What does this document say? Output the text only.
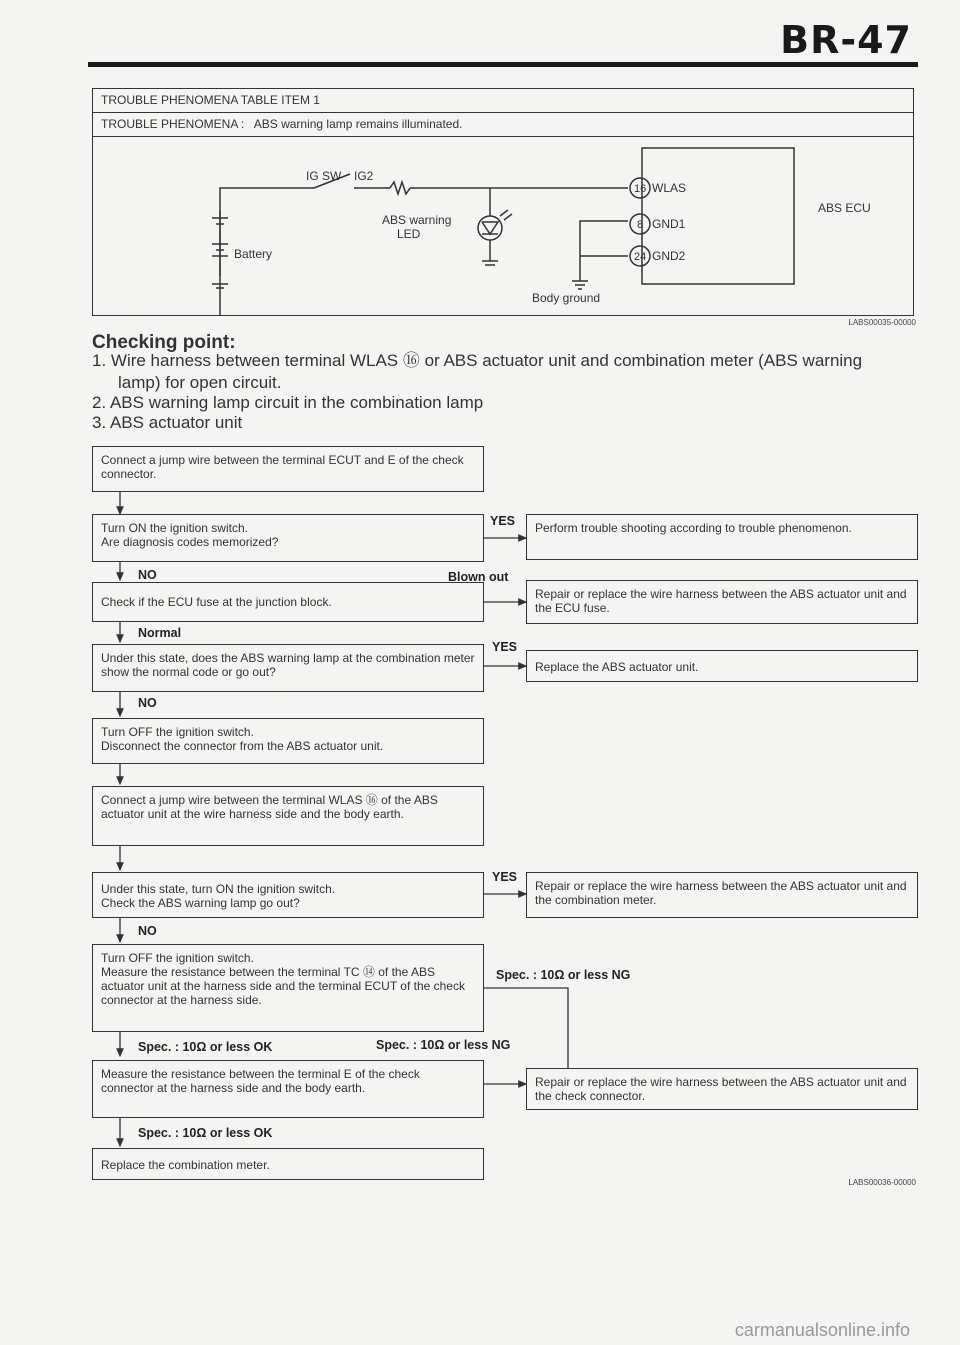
BR-47
TROUBLE PHENOMENA TABLE ITEM 1
TROUBLE PHENOMENA : ABS warning lamp remains illuminated.
IG SW IG2
ABS warning
LED
Battery
16 WLAS
8 GND1
24 GND2
ABS ECU
Body ground
LABS00035-00000
Checking point:
1. Wire harness between terminal WLAS ⑯ or ABS actuator unit and combination meter (ABS warning
lamp) for open circuit.
2. ABS warning lamp circuit in the combination lamp
3. ABS actuator unit
Connect a jump wire between the terminal ECUT and E of the check connector.
Turn ON the ignition switch.
Are diagnosis codes memorized?
YES	Perform trouble shooting according to trouble phenomenon.
NO
Check if the ECU fuse at the junction block.
Blown out
Repair or replace the wire harness between the ABS actuator unit and the ECU fuse.
Normal
Under this state, does the ABS warning lamp at the combination meter show the normal code or go out?
YES
Replace the ABS actuator unit.
NO
Turn OFF the ignition switch.
Disconnect the connector from the ABS actuator unit.
Connect a jump wire between the terminal WLAS ⑯ of the ABS actuator unit at the wire harness side and the body earth.
Under this state, turn ON the ignition switch.
Check the ABS warning lamp go out?
YES
Repair or replace the wire harness between the ABS actuator unit and the combination meter.
NO
Turn OFF the ignition switch.
Measure the resistance between the terminal TC ⑭ of the ABS actuator unit at the harness side and the terminal ECUT of the check connector at the harness side.
Spec. : 10Ω or less NG
Spec. : 10Ω or less OK	Spec. : 10Ω or less NG
Measure the resistance between the terminal E of the check connector at the harness side and the body earth.	Repair or replace the wire harness between the ABS actuator unit and the check connector.
Spec. : 10Ω or less OK
Replace the combination meter.
LABS00036-00000
carmanualsonline.info
